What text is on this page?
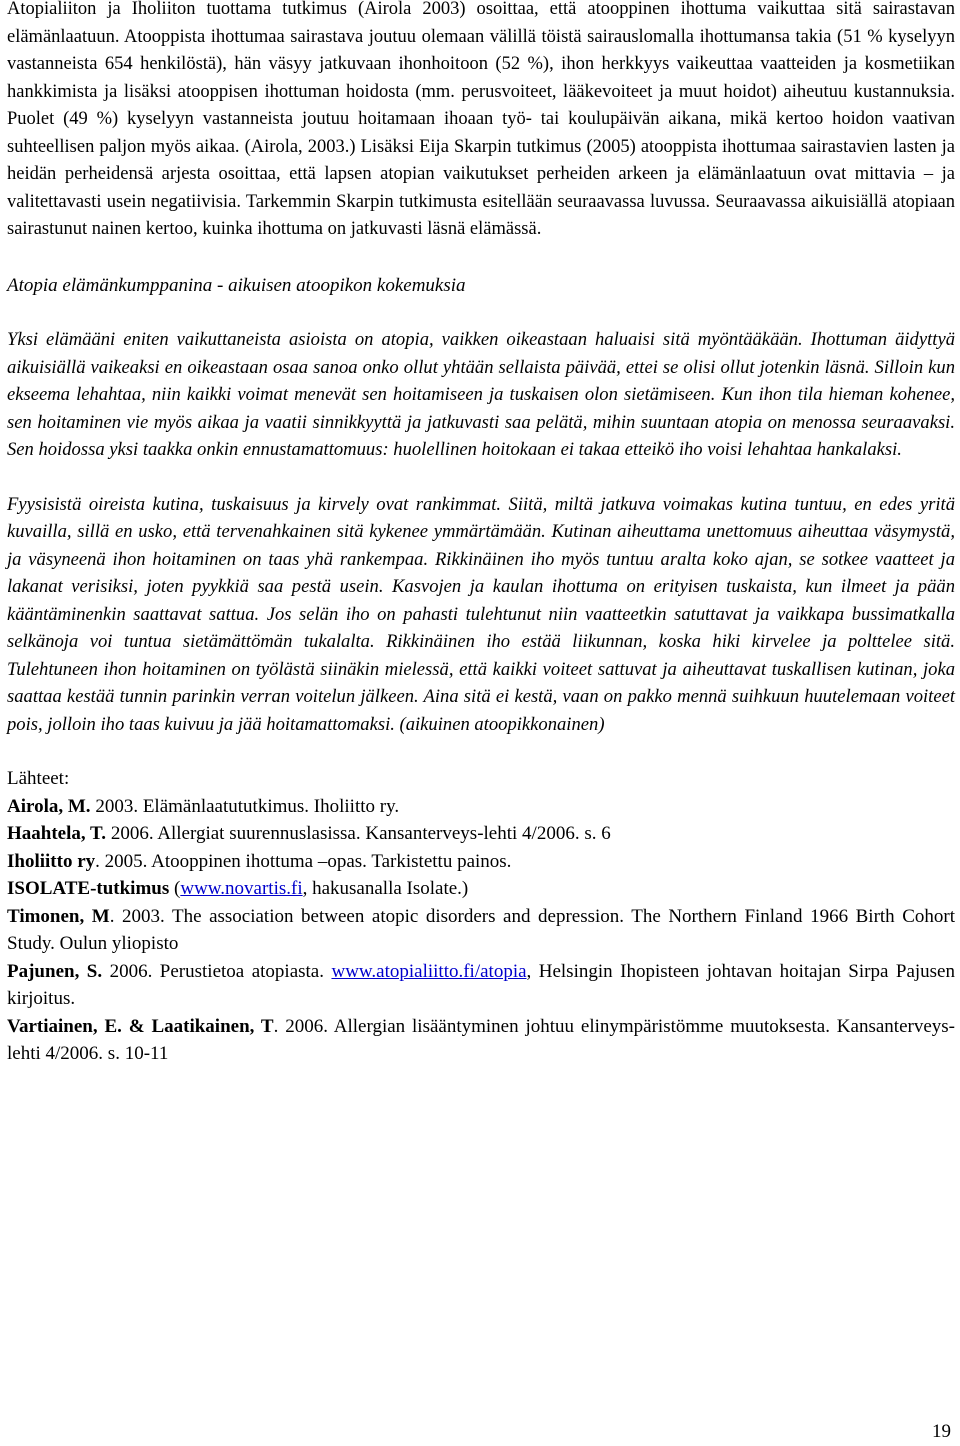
Atopialiiton ja Iholiiton tuottama tutkimus (Airola 2003) osoittaa, että atooppinen ihottuma vaikuttaa sitä sairastavan elämänlaatuun. Atooppista ihottumaa sairastava joutuu olemaan välillä töistä sairauslomalla ihottumansa takia (51 % kyselyyn vastanneista 654 henkilöstä), hän väsyy jatkuvaan ihonhoitoon (52 %), ihon herkkyys vaikeuttaa vaatteiden ja kosmetiikan hankkimista ja lisäksi atooppisen ihottuman hoidosta (mm. perusvoiteet, lääkevoiteet ja muut hoidot) aiheutuu kustannuksia. Puolet (49 %) kyselyyn vastanneista joutuu hoitamaan ihoaan työ- tai koulupäivän aikana, mikä kertoo hoidon vaativan suhteellisen paljon myös aikaa. (Airola, 2003.) Lisäksi Eija Skarpin tutkimus (2005) atooppista ihottumaa sairastavien lasten ja heidän perheidensä arjesta osoittaa, että lapsen atopian vaikutukset perheiden arkeen ja elämänlaatuun ovat mittavia – ja valitettavasti usein negatiivisia. Tarkemmin Skarpin tutkimusta esitellään seuraavassa luvussa. Seuraavassa aikuisiällä atopiaan sairastunut nainen kertoo, kuinka ihottuma on jatkuvasti läsnä elämässä.

Atopia elämänkumppanina - aikuisen atoopikon kokemuksia

Yksi elämääni eniten vaikuttaneista asioista on atopia, vaikken oikeastaan haluaisi sitä myöntääkään. Ihottuman äidyttyä aikuisiällä vaikeaksi en oikeastaan osaa sanoa onko ollut yhtään sellaista päivää, ettei se olisi ollut jotenkin läsnä. Silloin kun ekseema lehahtaa, niin kaikki voimat menevät sen hoitamiseen ja tuskaisen olon sietämiseen. Kun ihon tila hieman kohenee, sen hoitaminen vie myös aikaa ja vaatii sinnikkyyttä ja jatkuvasti saa pelätä, mihin suuntaan atopia on menossa seuraavaksi. Sen hoidossa yksi taakka onkin ennustamattomuus: huolellinen hoitokaan ei takaa etteikö iho voisi lehahtaa hankalaksi.

Fyysisistä oireista kutina, tuskaisuus ja kirvely ovat rankimmat. Siitä, miltä jatkuva voimakas kutina tuntuu, en edes yritä kuvailla, sillä en usko, että tervenahkainen sitä kykenee ymmärtämään. Kutinan aiheuttama unettomuus aiheuttaa väsymystä, ja väsyneenä ihon hoitaminen on taas yhä rankempaa. Rikkinäinen iho myös tuntuu aralta koko ajan, se sotkee vaatteet ja lakanat verisiksi, joten pyykkiä saa pestä usein. Kasvojen ja kaulan ihottuma on erityisen tuskaista, kun ilmeet ja pään kääntäminenkin saattavat sattua. Jos selän iho on pahasti tulehtunut niin vaatteetkin satuttavat ja vaikkapa bussimatkalla selkänoja voi tuntua sietämättömän tukalalta. Rikkinäinen iho estää liikunnan, koska hiki kirvelee ja polttelee sitä. Tulehtuneen ihon hoitaminen on työlästä siinäkin mielessä, että kaikki voiteet sattuvat ja aiheuttavat tuskallisen kutinan, joka saattaa kestää tunnin parinkin verran voitelun jälkeen. Aina sitä ei kestä, vaan on pakko mennä suihkuun huutelemaan voiteet pois, jolloin iho taas kuivuu ja jää hoitamattomaksi. (aikuinen atoopikkonainen)

Lähteet:

Airola, M. 2003. Elämänlaatututkimus. Iholiitto ry.

Haahtela, T. 2006. Allergiat suurennuslasissa. Kansanterveys-lehti 4/2006. s. 6

Iholiitto ry. 2005. Atooppinen ihottuma –opas. Tarkistettu painos.

ISOLATE-tutkimus (www.novartis.fi, hakusanalla Isolate.)

Timonen, M. 2003. The association between atopic disorders and depression. The Northern Finland 1966 Birth Cohort Study. Oulun yliopisto

Pajunen, S. 2006. Perustietoa atopiasta. www.atopialiitto.fi/atopia, Helsingin Ihopisteen johtavan hoitajan Sirpa Pajusen kirjoitus.

Vartiainen, E. & Laatikainen, T. 2006. Allergian lisääntyminen johtuu elinympäristömme muutoksesta. Kansanterveys-lehti 4/2006. s. 10-11

19
